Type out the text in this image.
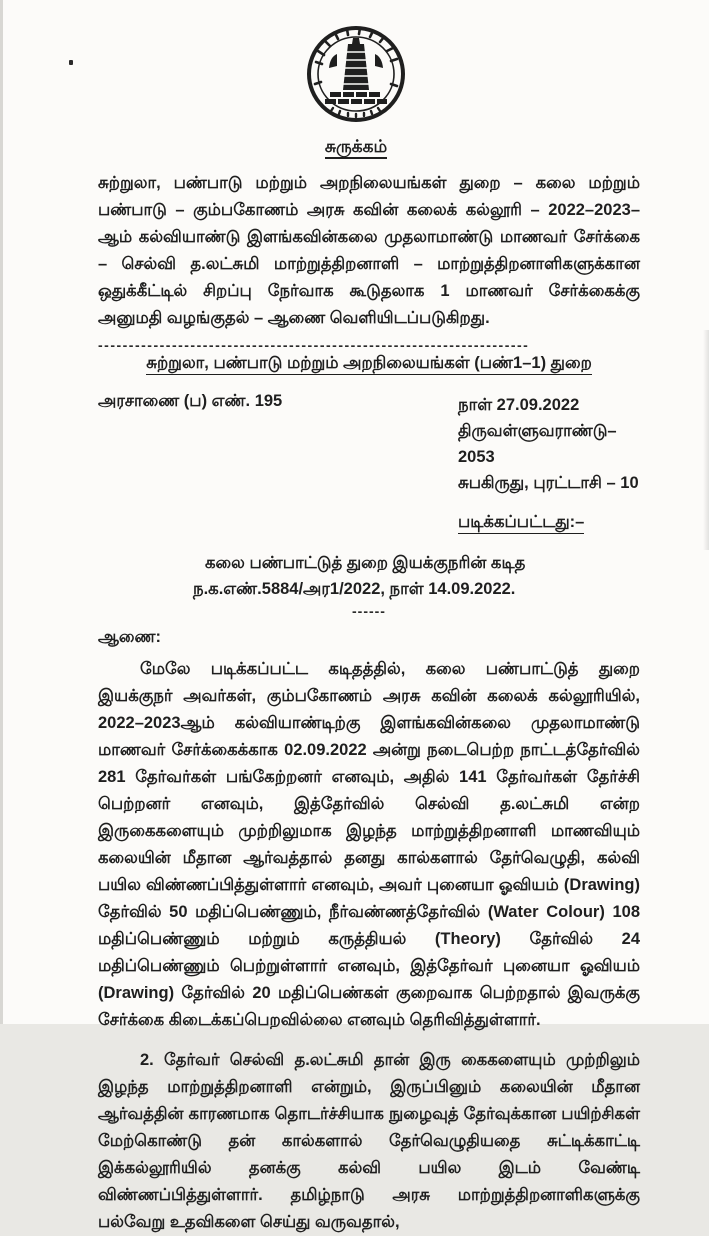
சுருக்கம்
சுற்றுலா, பண்பாடு மற்றும் அறநிலையங்கள் துறை – கலை மற்றும் பண்பாடு – கும்பகோணம் அரசு கவின் கலைக் கல்லூரி – 2022–2023–ஆம் கல்வியாண்டு இளங்கவின்கலை முதலாமாண்டு மாணவர் சேர்க்கை – செல்வி த.லட்சுமி மாற்றுத்திறனாளி – மாற்றுத்திறனாளிகளுக்கான ஒதுக்கீட்டில் சிறப்பு நேர்வாக கூடுதலாக 1 மாணவர் சேர்க்கைக்கு அனுமதி வழங்குதல் – ஆணை வெளியிடப்படுகிறது.
----------------------------------------------------------------------
சுற்றுலா, பண்பாடு மற்றும் அறநிலையங்கள் (பண்1–1) துறை
அரசாணை (ப) எண். 195	நாள் 27.09.2022
திருவள்ளுவராண்டு–2053
சுபகிருது, புரட்டாசி – 10
படிக்கப்பட்டது:–
கலை பண்பாட்டுத் துறை இயக்குநரின் கடித
ந.க.எண்.5884/அர1/2022, நாள் 14.09.2022.
------
ஆணை:
மேலே படிக்கப்பட்ட கடிதத்தில், கலை பண்பாட்டுத் துறை இயக்குநர் அவர்கள், கும்பகோணம் அரசு கவின் கலைக் கல்லூரியில், 2022–2023ஆம் கல்வியாண்டிற்கு இளங்கவின்கலை முதலாமாண்டு மாணவர் சேர்க்கைக்காக 02.09.2022 அன்று நடைபெற்ற நாட்டத்தேர்வில் 281 தேர்வர்கள் பங்கேற்றனர் எனவும், அதில் 141 தேர்வர்கள் தேர்ச்சி பெற்றனர் எனவும், இத்தேர்வில் செல்வி த.லட்சுமி என்ற இருகைகளையும் முற்றிலுமாக இழந்த மாற்றுத்திறனாளி மாணவியும் கலையின் மீதான ஆர்வத்தால் தனது கால்களால் தேர்வெழுதி, கல்வி பயில விண்ணப்பித்துள்ளார் எனவும், அவர் புனையா ஓவியம் (Drawing) தேர்வில் 50 மதிப்பெண்ணும், நீர்வண்ணத்தேர்வில் (Water Colour) 108 மதிப்பெண்ணும் மற்றும் கருத்தியல் (Theory) தேர்வில் 24 மதிப்பெண்ணும் பெற்றுள்ளார் எனவும், இத்தேர்வர் புனையா ஓவியம் (Drawing) தேர்வில் 20 மதிப்பெண்கள் குறைவாக பெற்றதால் இவருக்கு சேர்க்கை கிடைக்கப்பெறவில்லை எனவும் தெரிவித்துள்ளார்.
2. தேர்வர் செல்வி த.லட்சுமி தான் இரு கைகளையும் முற்றிலும் இழந்த மாற்றுத்திறனாளி என்றும், இருப்பினும் கலையின் மீதான ஆர்வத்தின் காரணமாக தொடர்ச்சியாக நுழைவுத் தேர்வுக்கான பயிற்சிகள் மேற்கொண்டு தன் கால்களால் தேர்வெழுதியதை சுட்டிக்காட்டி இக்கல்லூரியில் தனக்கு கல்வி பயில இடம் வேண்டி விண்ணப்பித்துள்ளார். தமிழ்நாடு அரசு மாற்றுத்திறனாளிகளுக்கு பல்வேறு உதவிகளை செய்து வருவதால்,
